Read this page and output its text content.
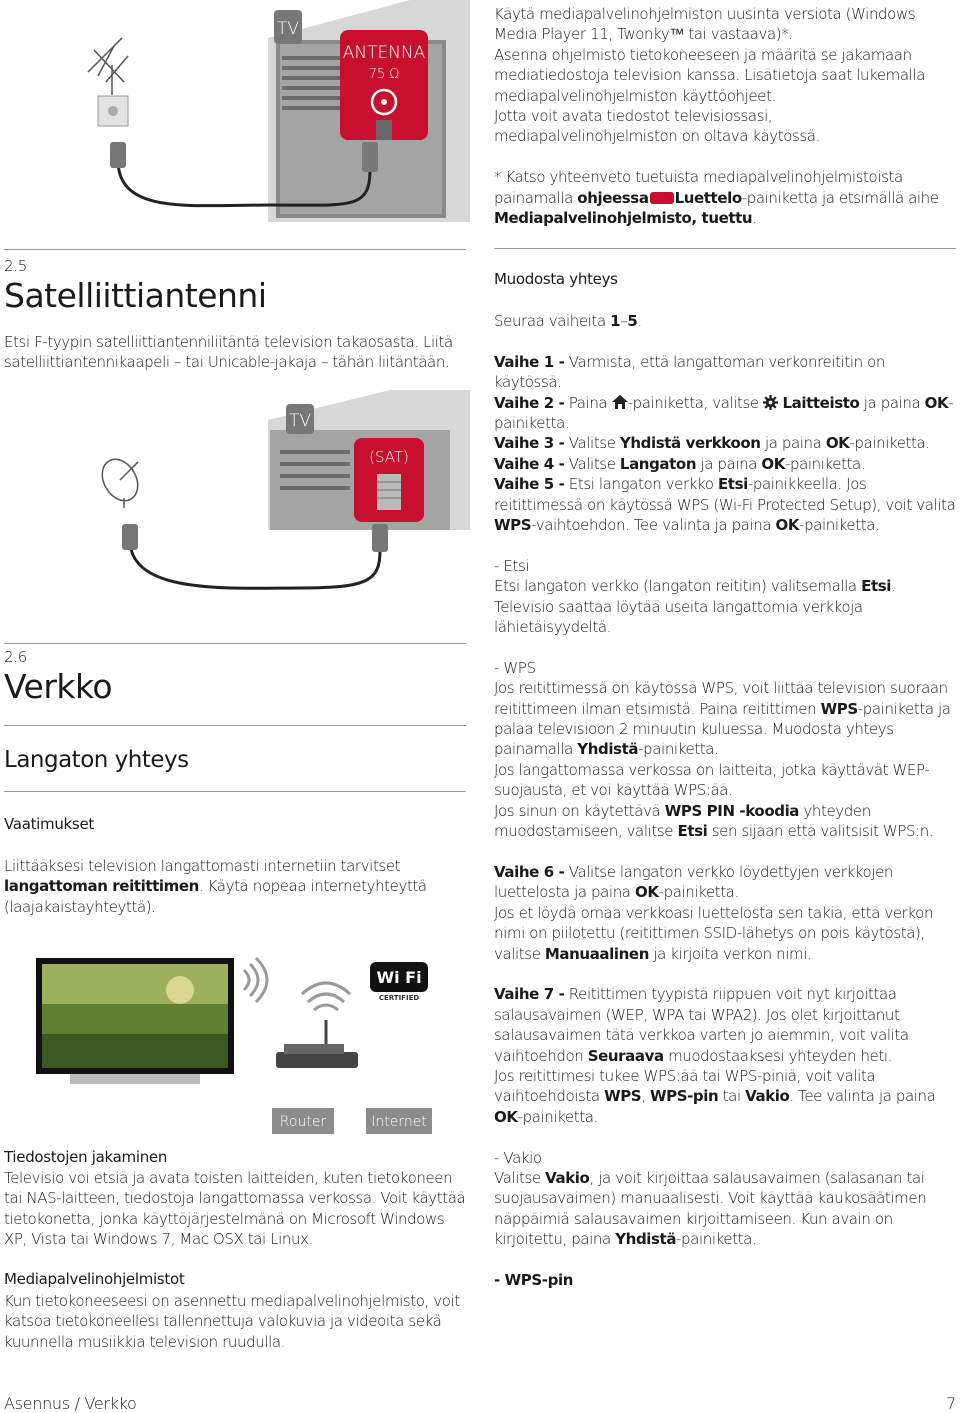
TV
ANTENNA
75 Ω
2.5
Satelliittiantenni
Etsi F-tyypin satelliittiantenniliitäntä television takaosasta. Liitä satelliittiantennikaapeli – tai Unicable-jakaja – tähän liitäntään.
TV
(SAT)
2.6
Verkko
Langaton yhteys
Vaatimukset
Liittääksesi television langattomasti internetiin tarvitset langattoman reitittimen. Käytä nopeaa internetyhteyttä (laajakaistayhteyttä).
Wi Fi
CERTIFIED
Router	Internet
Tiedostojen jakaminen
Televisio voi etsiä ja avata toisten laitteiden, kuten tietokoneen tai NAS-laitteen, tiedostoja langattomassa verkossa. Voit käyttää tietokonetta, jonka käyttöjärjestelmänä on Microsoft Windows XP, Vista tai Windows 7, Mac OSX tai Linux.
Mediapalvelinohjelmistot
Kun tietokoneeseesi on asennettu mediapalvelinohjelmisto, voit katsoa tietokoneellesi tallennettuja valokuvia ja videoita sekä kuunnella musiikkia television ruudulla.

Käytä mediapalvelinohjelmiston uusinta versiota (Windows Media Player 11, Twonky™ tai vastaava)*.

Asenna ohjelmisto tietokoneeseen ja määritä se jakamaan mediatiedostoja television kanssa. Lisätietoja saat lukemalla mediapalvelinohjelmiston käyttöohjeet.

Jotta voit avata tiedostot televisiossasi, mediapalvelinohjelmiston on oltava käytössä.

* Katso yhteenveto tuetuista mediapalvelinohjelmistoista painamalla ohjeessa Luettelo-painiketta ja etsimällä aihe Mediapalvelinohjelmisto, tuettu.

Muodosta yhteys

Seuraa vaiheita 1–5.

Vaihe 1 - Varmista, että langattoman verkonreititin on käytössä.

Vaihe 2 - Paina -painiketta, valitse Laitteisto ja paina OK-painiketta.

Vaihe 3 - Valitse Yhdistä verkkoon ja paina OK-painiketta.

Vaihe 4 - Valitse Langaton ja paina OK-painiketta.

Vaihe 5 - Etsi langaton verkko Etsi-painikkeella. Jos reitittimessä on käytössä WPS (Wi-Fi Protected Setup), voit valita WPS-vaihtoehdon. Tee valinta ja paina OK-painiketta.

- Etsi

Etsi langaton verkko (langaton reititin) valitsemalla Etsi. Televisio saattaa löytää useita langattomia verkkoja lähietäisyydeltä.

- WPS

Jos reitittimessä on käytössä WPS, voit liittää television suoraan reitittimeen ilman etsimistä. Paina reitittimen WPS-painiketta ja palaa televisioon 2 minuutin kuluessa. Muodosta yhteys painamalla Yhdistä-painiketta.

Jos langattomassa verkossa on laitteita, jotka käyttävät WEP-suojausta, et voi käyttää WPS:ää.

Jos sinun on käytettävä WPS PIN -koodia yhteyden muodostamiseen, valitse Etsi sen sijaan että valitsisit WPS:n.

Vaihe 6 - Valitse langaton verkko löydettyjen verkkojen luettelosta ja paina OK-painiketta.

Jos et löydä omaa verkkoasi luettelosta sen takia, että verkon nimi on piilotettu (reitittimen SSID-lähetys on pois käytöstä), valitse Manuaalinen ja kirjoita verkon nimi.

Vaihe 7 - Reitittimen tyypistä riippuen voit nyt kirjoittaa salausavaimen (WEP, WPA tai WPA2). Jos olet kirjoittanut salausavaimen tätä verkkoa varten jo aiemmin, voit valita vaihtoehdon Seuraava muodostaaksesi yhteyden heti.

Jos reitittimesi tukee WPS:ää tai WPS-piniä, voit valita vaihtoehdoista WPS, WPS-pin tai Vakio. Tee valinta ja paina OK-painiketta.

- Vakio

Valitse Vakio, ja voit kirjoittaa salausavaimen (salasanan tai suojausavaimen) manuaalisesti. Voit käyttää kaukosäätimen näppäimiä salausavaimen kirjoittamiseen. Kun avain on kirjoitettu, paina Yhdistä-painiketta.

- WPS-pin

Asennus / Verkko	7
